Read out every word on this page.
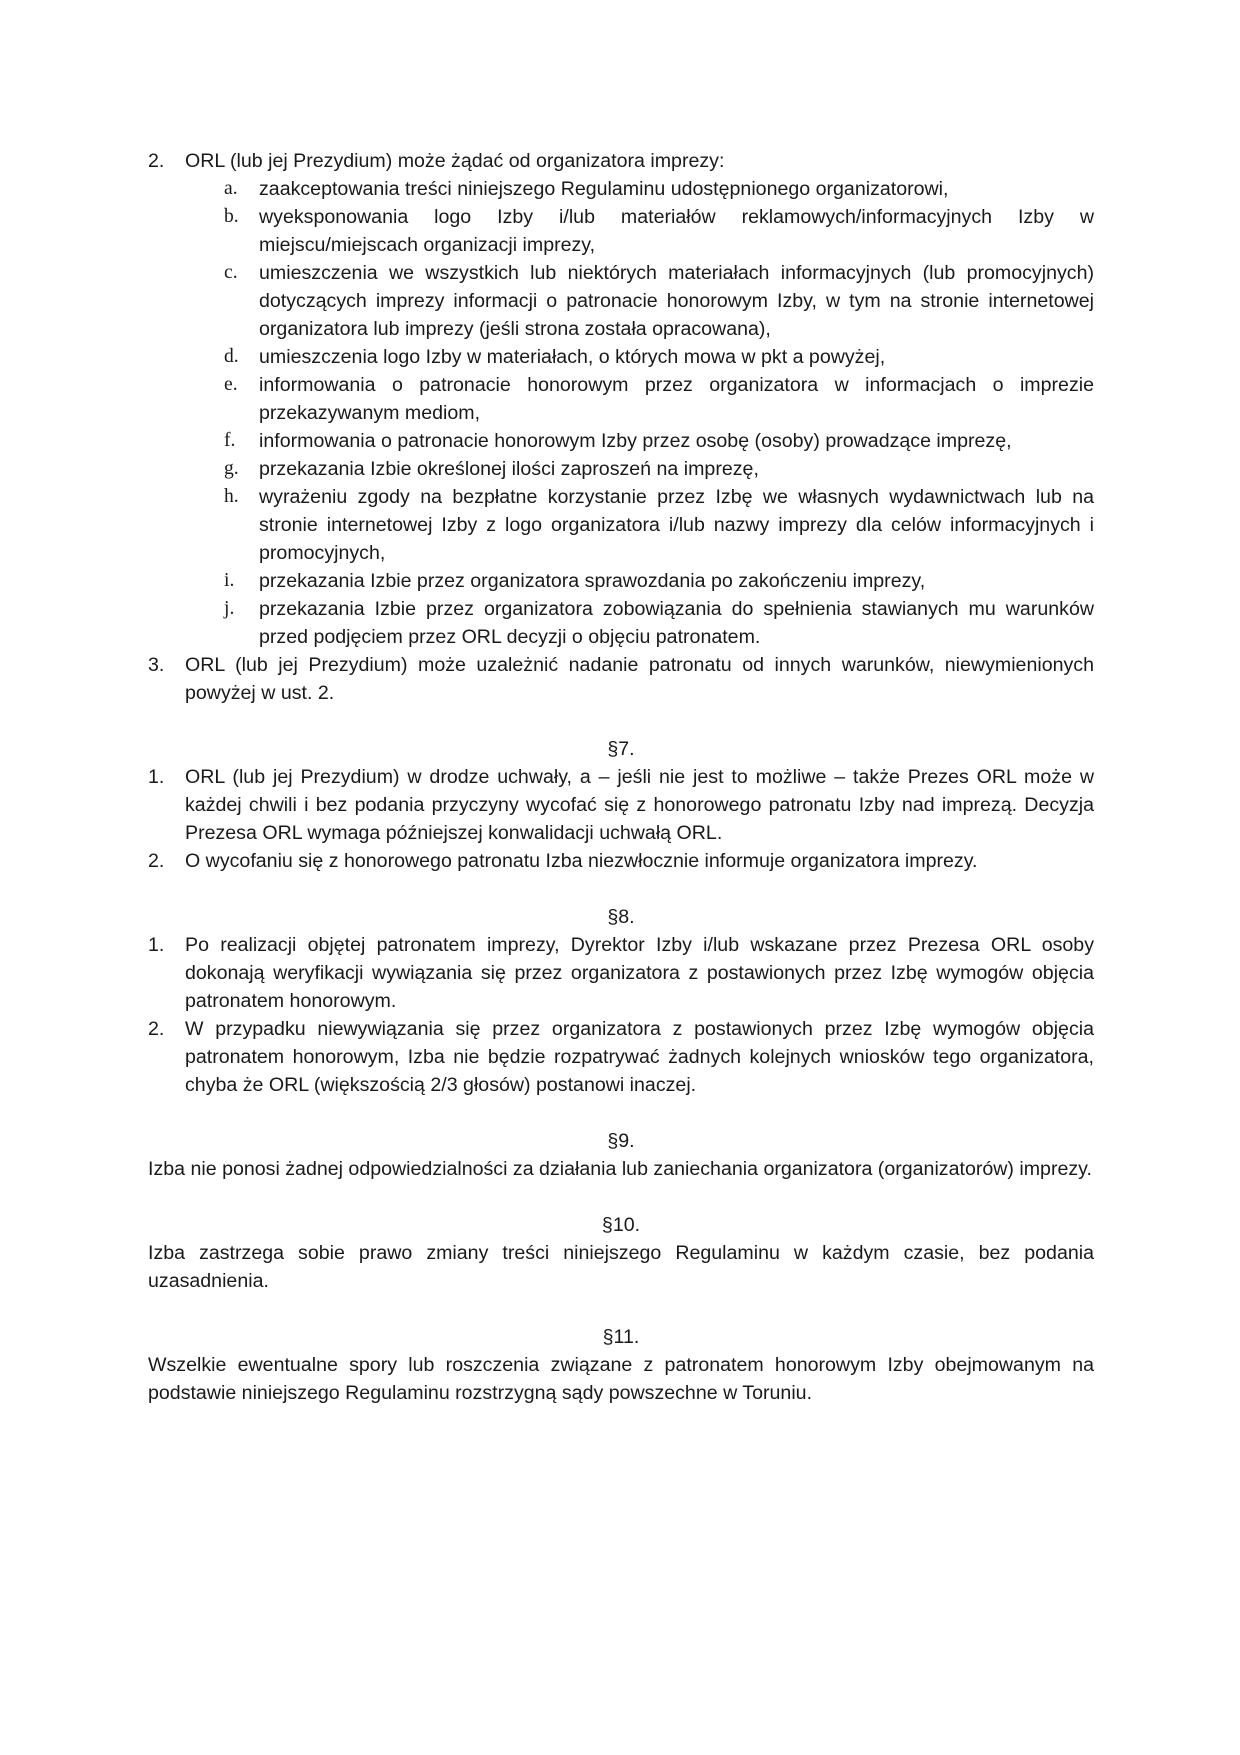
2. ORL (lub jej Prezydium) może żądać od organizatora imprezy:
a. zaakceptowania treści niniejszego Regulaminu udostępnionego organizatorowi,
b. wyeksponowania logo Izby i/lub materiałów reklamowych/informacyjnych Izby w miejscu/miejscach organizacji imprezy,
c. umieszczenia we wszystkich lub niektórych materiałach informacyjnych (lub promocyjnych) dotyczących imprezy informacji o patronacie honorowym Izby, w tym na stronie internetowej organizatora lub imprezy (jeśli strona została opracowana),
d. umieszczenia logo Izby w materiałach, o których mowa w pkt a powyżej,
e. informowania o patronacie honorowym przez organizatora w informacjach o imprezie przekazywanym mediom,
f. informowania o patronacie honorowym Izby przez osobę (osoby) prowadzące imprezę,
g. przekazania Izbie określonej ilości zaproszeń na imprezę,
h. wyrażeniu zgody na bezpłatne korzystanie przez Izbę we własnych wydawnictwach lub na stronie internetowej Izby z logo organizatora i/lub nazwy imprezy dla celów informacyjnych i promocyjnych,
i. przekazania Izbie przez organizatora sprawozdania po zakończeniu imprezy,
j. przekazania Izbie przez organizatora zobowiązania do spełnienia stawianych mu warunków przed podjęciem przez ORL decyzji o objęciu patronatem.
3. ORL (lub jej Prezydium) może uzależnić nadanie patronatu od innych warunków, niewymienionych powyżej w ust. 2.
§7.
1. ORL (lub jej Prezydium) w drodze uchwały, a – jeśli nie jest to możliwe – także Prezes ORL może w każdej chwili i bez podania przyczyny wycofać się z honorowego patronatu Izby nad imprezą. Decyzja Prezesa ORL wymaga późniejszej konwalidacji uchwałą ORL.
2. O wycofaniu się z honorowego patronatu Izba niezwłocznie informuje organizatora imprezy.
§8.
1. Po realizacji objętej patronatem imprezy, Dyrektor Izby i/lub wskazane przez Prezesa ORL osoby dokonają weryfikacji wywiązania się przez organizatora z postawionych przez Izbę wymogów objęcia patronatem honorowym.
2. W przypadku niewywiązania się przez organizatora z postawionych przez Izbę wymogów objęcia patronatem honorowym, Izba nie będzie rozpatrywać żadnych kolejnych wniosków tego organizatora, chyba że ORL (większością 2/3 głosów) postanowi inaczej.
§9.
Izba nie ponosi żadnej odpowiedzialności za działania lub zaniechania organizatora (organizatorów) imprezy.
§10.
Izba zastrzega sobie prawo zmiany treści niniejszego Regulaminu w każdym czasie, bez podania uzasadnienia.
§11.
Wszelkie ewentualne spory lub roszczenia związane z patronatem honorowym Izby obejmowanym na podstawie niniejszego Regulaminu rozstrzygną sądy powszechne w Toruniu.
